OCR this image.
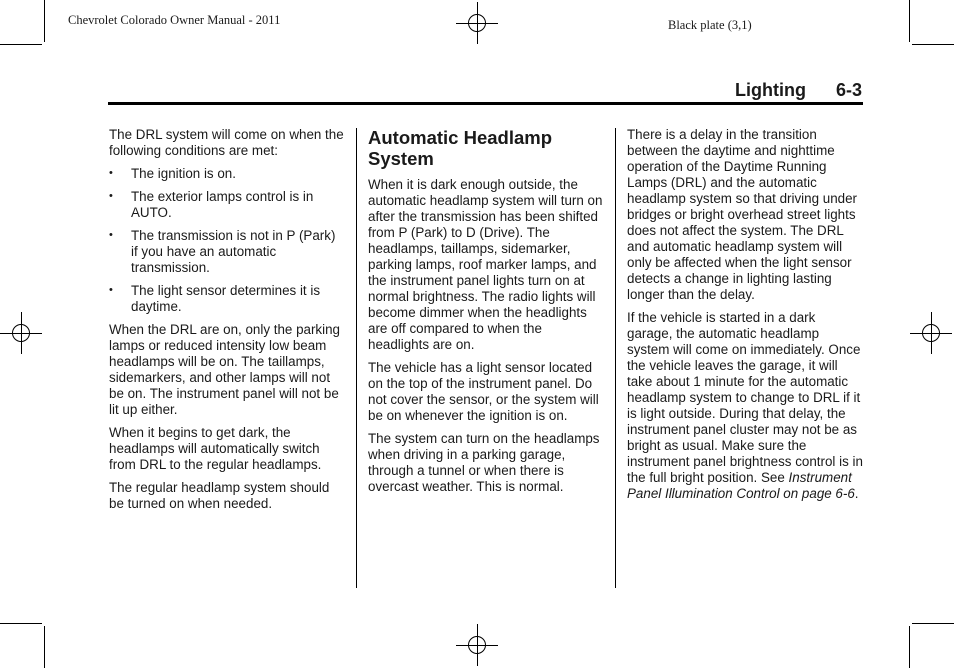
Chevrolet Colorado Owner Manual - 2011	Black plate (3,1)
Lighting 6-3

The DRL system will come on when the following conditions are met:

• The ignition is on.
• The exterior lamps control is in AUTO.
• The transmission is not in P (Park) if you have an automatic transmission.
• The light sensor determines it is daytime.

When the DRL are on, only the parking lamps or reduced intensity low beam headlamps will be on. The taillamps, sidemarkers, and other lamps will not be on. The instrument panel will not be lit up either.

When it begins to get dark, the headlamps will automatically switch from DRL to the regular headlamps.

The regular headlamp system should be turned on when needed.

Automatic Headlamp System

When it is dark enough outside, the automatic headlamp system will turn on after the transmission has been shifted from P (Park) to D (Drive). The headlamps, taillamps, sidemarker, parking lamps, roof marker lamps, and the instrument panel lights turn on at normal brightness. The radio lights will become dimmer when the headlights are off compared to when the headlights are on.

The vehicle has a light sensor located on the top of the instrument panel. Do not cover the sensor, or the system will be on whenever the ignition is on.

The system can turn on the headlamps when driving in a parking garage, through a tunnel or when there is overcast weather. This is normal.

There is a delay in the transition between the daytime and nighttime operation of the Daytime Running Lamps (DRL) and the automatic headlamp system so that driving under bridges or bright overhead street lights does not affect the system. The DRL and automatic headlamp system will only be affected when the light sensor detects a change in lighting lasting longer than the delay.

If the vehicle is started in a dark garage, the automatic headlamp system will come on immediately. Once the vehicle leaves the garage, it will take about 1 minute for the automatic headlamp system to change to DRL if it is light outside. During that delay, the instrument panel cluster may not be as bright as usual. Make sure the instrument panel brightness control is in the full bright position. See Instrument Panel Illumination Control on page 6-6.
